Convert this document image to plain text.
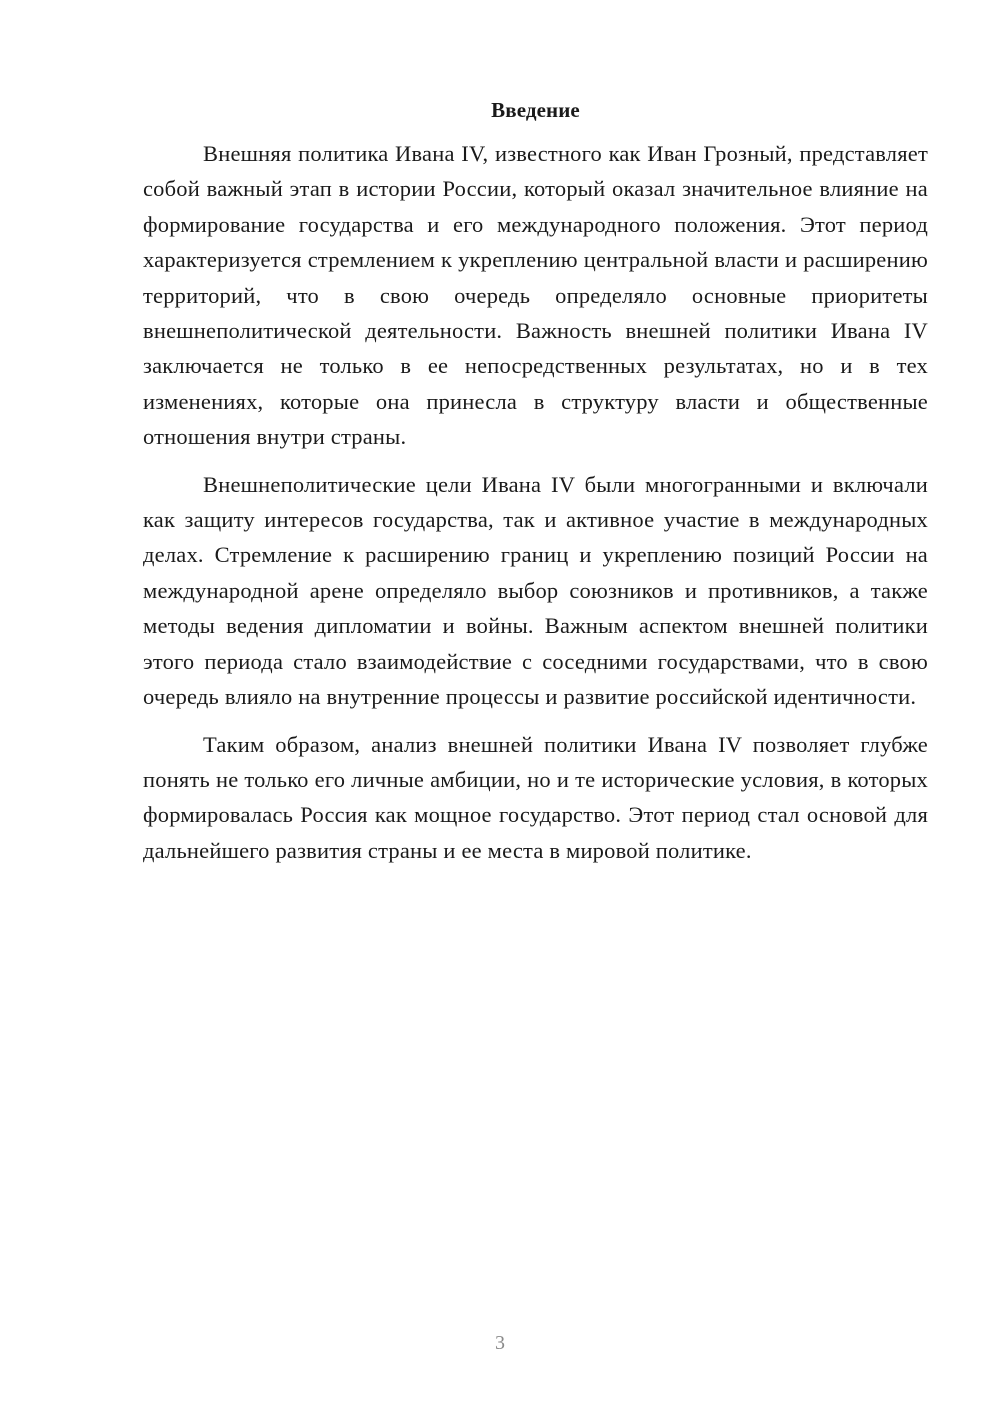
Введение

Внешняя политика Ивана IV, известного как Иван Грозный, представляет собой важный этап в истории России, который оказал значительное влияние на формирование государства и его международного положения. Этот период характеризуется стремлением к укреплению центральной власти и расширению территорий, что в свою очередь определяло основные приоритеты внешнеполитической деятельности. Важность внешней политики Ивана IV заключается не только в ее непосредственных результатах, но и в тех изменениях, которые она принесла в структуру власти и общественные отношения внутри страны.

Внешнеполитические цели Ивана IV были многогранными и включали как защиту интересов государства, так и активное участие в международных делах. Стремление к расширению границ и укреплению позиций России на международной арене определяло выбор союзников и противников, а также методы ведения дипломатии и войны. Важным аспектом внешней политики этого периода стало взаимодействие с соседними государствами, что в свою очередь влияло на внутренние процессы и развитие российской идентичности.

Таким образом, анализ внешней политики Ивана IV позволяет глубже понять не только его личные амбиции, но и те исторические условия, в которых формировалась Россия как мощное государство. Этот период стал основой для дальнейшего развития страны и ее места в мировой политике.

3
